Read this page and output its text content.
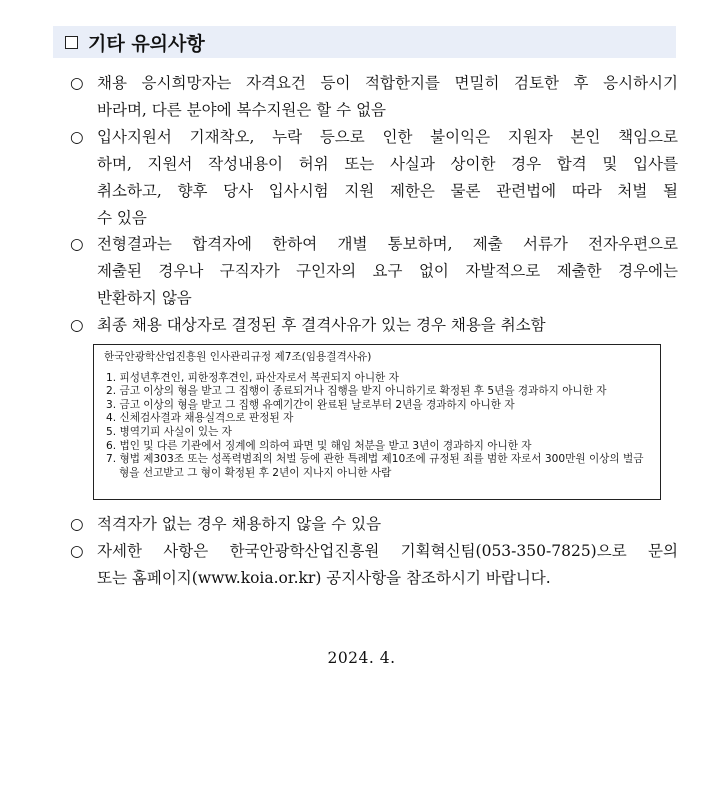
기타 유의사항
○ 채용 응시희망자는 자격요건 등이 적합한지를 면밀히 검토한 후 응시하시기
바라며, 다른 분야에 복수지원은 할 수 없음
○ 입사지원서 기재착오, 누락 등으로 인한 불이익은 지원자 본인 책임으로
하며, 지원서 작성내용이 허위 또는 사실과 상이한 경우 합격 및 입사를
취소하고, 향후 당사 입사시험 지원 제한은 물론 관련법에 따라 처벌 될
수 있음
○ 전형결과는 합격자에 한하여 개별 통보하며, 제출 서류가 전자우편으로
제출된 경우나 구직자가 구인자의 요구 없이 자발적으로 제출한 경우에는
반환하지 않음
○ 최종 채용 대상자로 결정된 후 결격사유가 있는 경우 채용을 취소함
한국안광학산업진흥원 인사관리규정 제7조(임용결격사유)
1. 피성년후견인, 피한정후견인, 파산자로서 복권되지 아니한 자
2. 금고 이상의 형을 받고 그 집행이 종료되거나 집행을 받지 아니하기로 확정된 후 5년을 경과하지 아니한 자
3. 금고 이상의 형을 받고 그 집행 유예기간이 완료된 날로부터 2년을 경과하지 아니한 자
4. 신체검사결과 채용실격으로 판정된 자
5. 병역기피 사실이 있는 자
6. 법인 및 다른 기관에서 징계에 의하여 파면 및 해임 처분을 받고 3년이 경과하지 아니한 자
7. 형법 제303조 또는 성폭력범죄의 처벌 등에 관한 특례법 제10조에 규정된 죄를 범한 자로서 300만원 이상의 벌금형을 선고받고 그 형이 확정된 후 2년이 지나지 아니한 사람
○ 적격자가 없는 경우 채용하지 않을 수 있음
○ 자세한 사항은 한국안광학산업진흥원 기획혁신팀(053-350-7825)으로 문의
또는 홈페이지(www.koia.or.kr) 공지사항을 참조하시기 바랍니다.
2024. 4.
